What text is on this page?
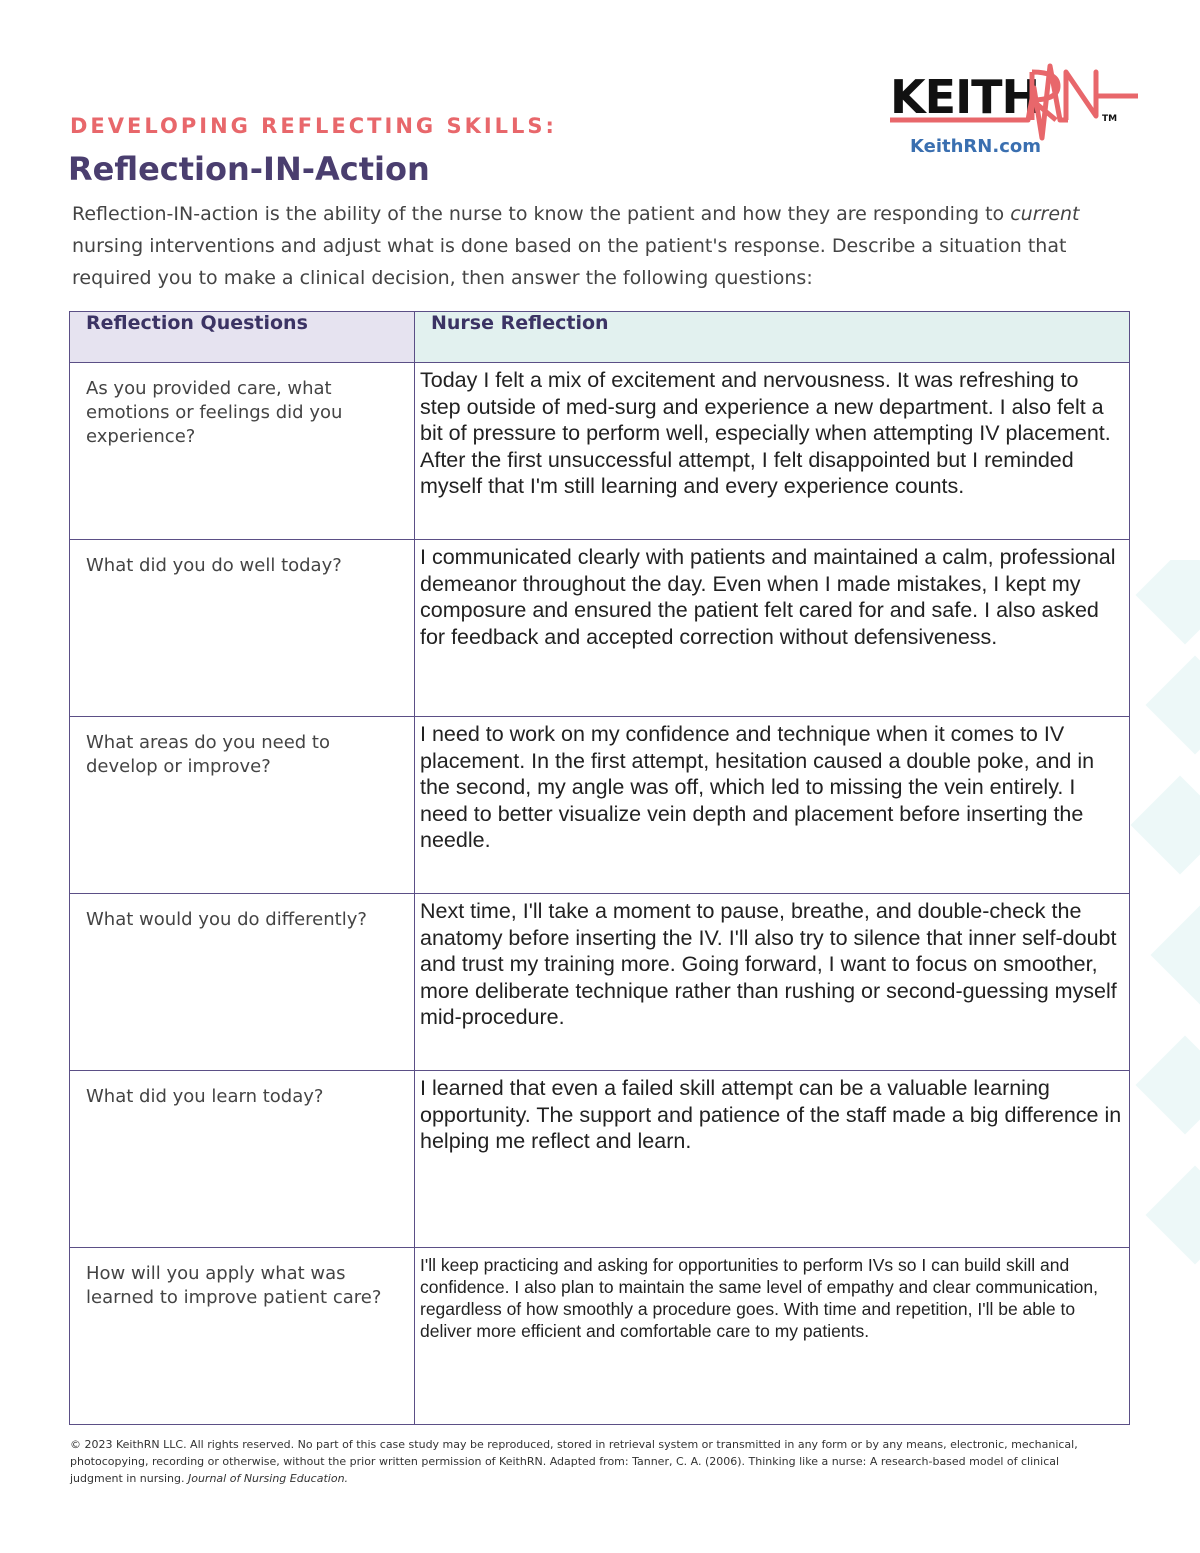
DEVELOPING REFLECTING SKILLS:
Reflection-IN-Action
Reflection-IN-action is the ability of the nurse to know the patient and how they are responding to current nursing interventions and adjust what is done based on the patient's response. Describe a situation that required you to make a clinical decision, then answer the following questions:
KEITH	TM
KeithRN.com
Reflection Questions	Nurse Reflection
As you provided care, what emotions or feelings did you experience?	Today I felt a mix of excitement and nervousness. It was refreshing to step outside of med-surg and experience a new department. I also felt a bit of pressure to perform well, especially when attempting IV placement. After the first unsuccessful attempt, I felt disappointed but I reminded myself that I'm still learning and every experience counts.
What did you do well today?	I communicated clearly with patients and maintained a calm, professional demeanor throughout the day. Even when I made mistakes, I kept my composure and ensured the patient felt cared for and safe. I also asked for feedback and accepted correction without defensiveness.
What areas do you need to develop or improve?	I need to work on my confidence and technique when it comes to IV placement. In the first attempt, hesitation caused a double poke, and in the second, my angle was off, which led to missing the vein entirely. I need to better visualize vein depth and placement before inserting the needle.
What would you do differently?	Next time, I'll take a moment to pause, breathe, and double-check the anatomy before inserting the IV. I'll also try to silence that inner self-doubt and trust my training more. Going forward, I want to focus on smoother, more deliberate technique rather than rushing or second-guessing myself mid-procedure.
What did you learn today?	I learned that even a failed skill attempt can be a valuable learning opportunity. The support and patience of the staff made a big difference in helping me reflect and learn.
How will you apply what was learned to improve patient care?	I'll keep practicing and asking for opportunities to perform IVs so I can build skill and confidence. I also plan to maintain the same level of empathy and clear communication, regardless of how smoothly a procedure goes. With time and repetition, I'll be able to deliver more efficient and comfortable care to my patients.
© 2023 KeithRN LLC. All rights reserved. No part of this case study may be reproduced, stored in retrieval system or transmitted in any form or by any means, electronic, mechanical, photocopying, recording or otherwise, without the prior written permission of KeithRN. Adapted from: Tanner, C. A. (2006). Thinking like a nurse: A research-based model of clinical judgment in nursing. Journal of Nursing Education.
